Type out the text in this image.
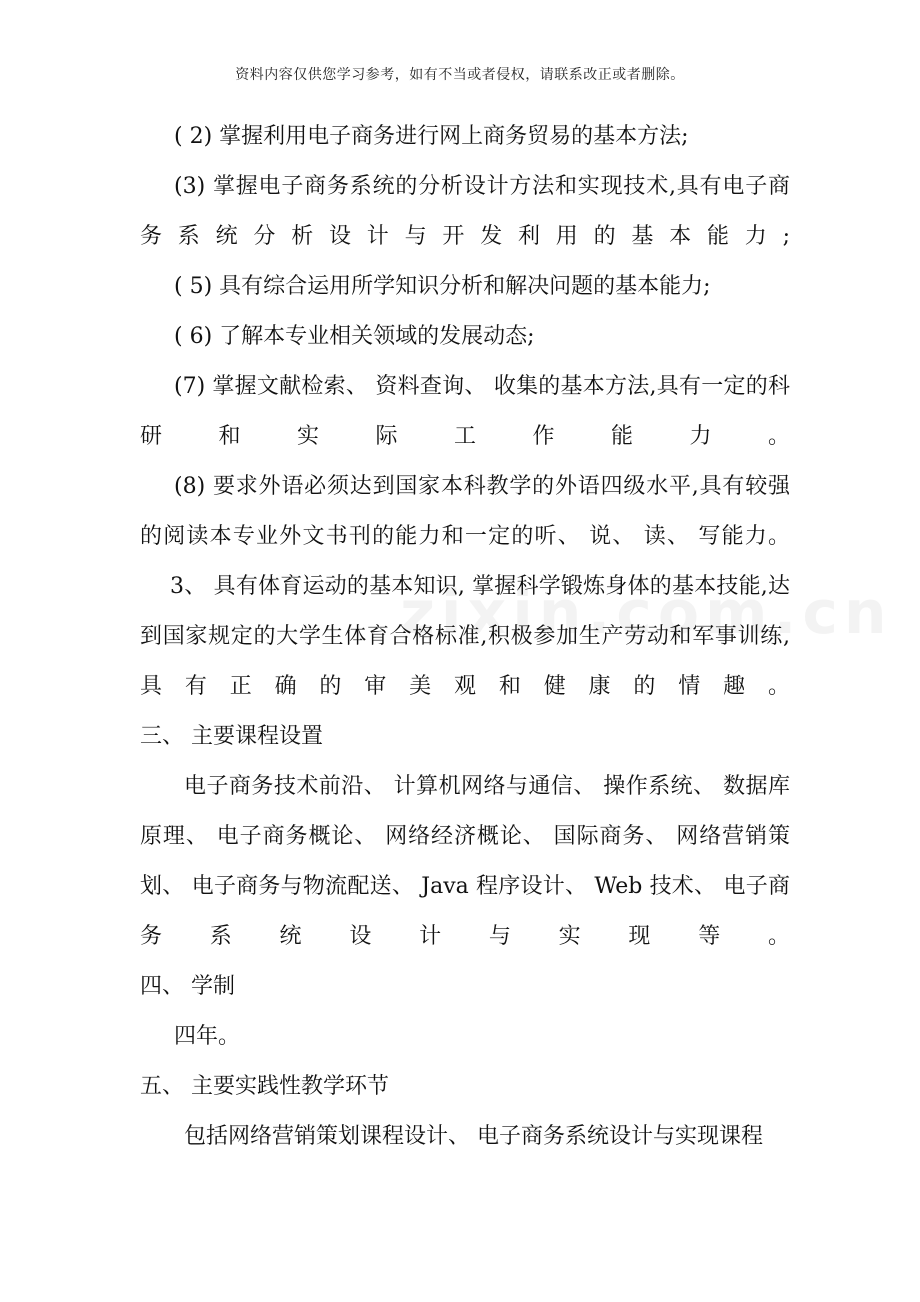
资料内容仅供您学习参考，如有不当或者侵权，请联系改正或者删除。

( 2) 掌握利用电子商务进行网上商务贸易的基本方法;

(3) 掌握电子商务系统的分析设计方法和实现技术,具有电子商务系统分析设计与开发利用的基本能力;

( 5) 具有综合运用所学知识分析和解决问题的基本能力;

( 6) 了解本专业相关领域的发展动态;

(7) 掌握文献检索、 资料查询、 收集的基本方法,具有一定的科研和实际工作能力。

(8) 要求外语必须达到国家本科教学的外语四级水平,具有较强的阅读本专业外文书刊的能力和一定的听、 说、 读、 写能力。

3、 具有体育运动的基本知识, 掌握科学锻炼身体的基本技能,达到国家规定的大学生体育合格标准,积极参加生产劳动和军事训练, 具有正确的审美观和健康的情趣。

三、 主要课程设置

电子商务技术前沿、 计算机网络与通信、 操作系统、 数据库原理、 电子商务概论、 网络经济概论、 国际商务、 网络营销策划、 电子商务与物流配送、 Java 程序设计、 Web 技术、 电子商务系统设计与实现等。

四、 学制

四年。

五、 主要实践性教学环节

包括网络营销策划课程设计、 电子商务系统设计与实现课程
